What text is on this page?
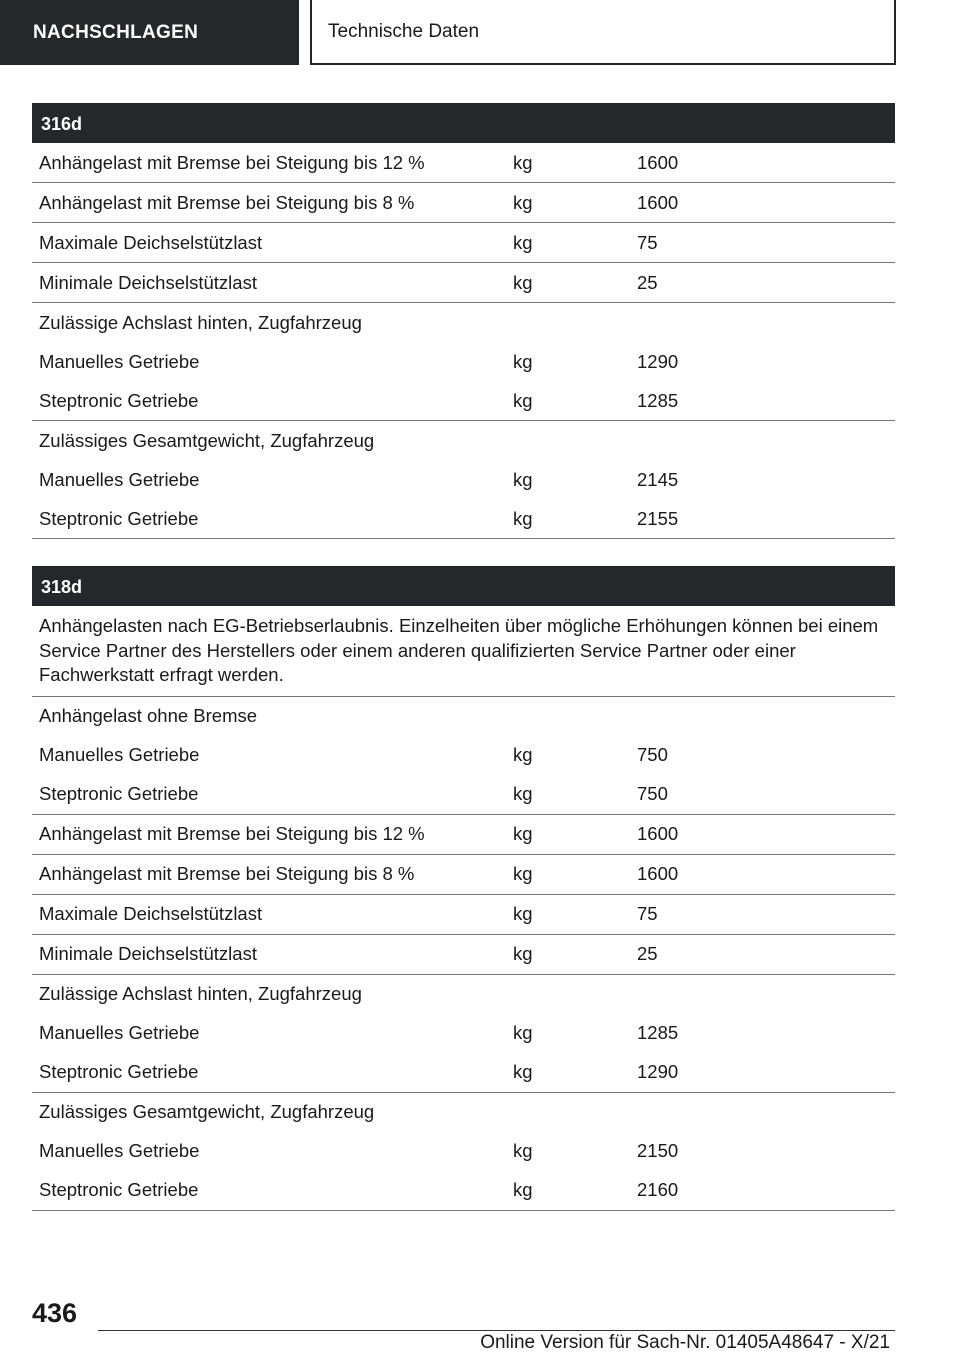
NACHSCHLAGEN	Technische Daten
316d
Anhängelast mit Bremse bei Steigung bis 12 %	kg	1600
Anhängelast mit Bremse bei Steigung bis 8 %	kg	1600
Maximale Deichselstützlast	kg	75
Minimale Deichselstützlast	kg	25
Zulässige Achslast hinten, Zugfahrzeug
Manuelles Getriebe	kg	1290
Steptronic Getriebe	kg	1285
Zulässiges Gesamtgewicht, Zugfahrzeug
Manuelles Getriebe	kg	2145
Steptronic Getriebe	kg	2155
318d
Anhängelasten nach EG-Betriebserlaubnis. Einzelheiten über mögliche Erhöhungen können bei einem Service Partner des Herstellers oder einem anderen qualifizierten Service Partner oder einer Fachwerkstatt erfragt werden.
Anhängelast ohne Bremse
Manuelles Getriebe	kg	750
Steptronic Getriebe	kg	750
Anhängelast mit Bremse bei Steigung bis 12 %	kg	1600
Anhängelast mit Bremse bei Steigung bis 8 %	kg	1600
Maximale Deichselstützlast	kg	75
Minimale Deichselstützlast	kg	25
Zulässige Achslast hinten, Zugfahrzeug
Manuelles Getriebe	kg	1285
Steptronic Getriebe	kg	1290
Zulässiges Gesamtgewicht, Zugfahrzeug
Manuelles Getriebe	kg	2150
Steptronic Getriebe	kg	2160
436
Online Version für Sach-Nr. 01405A48647 - X/21
